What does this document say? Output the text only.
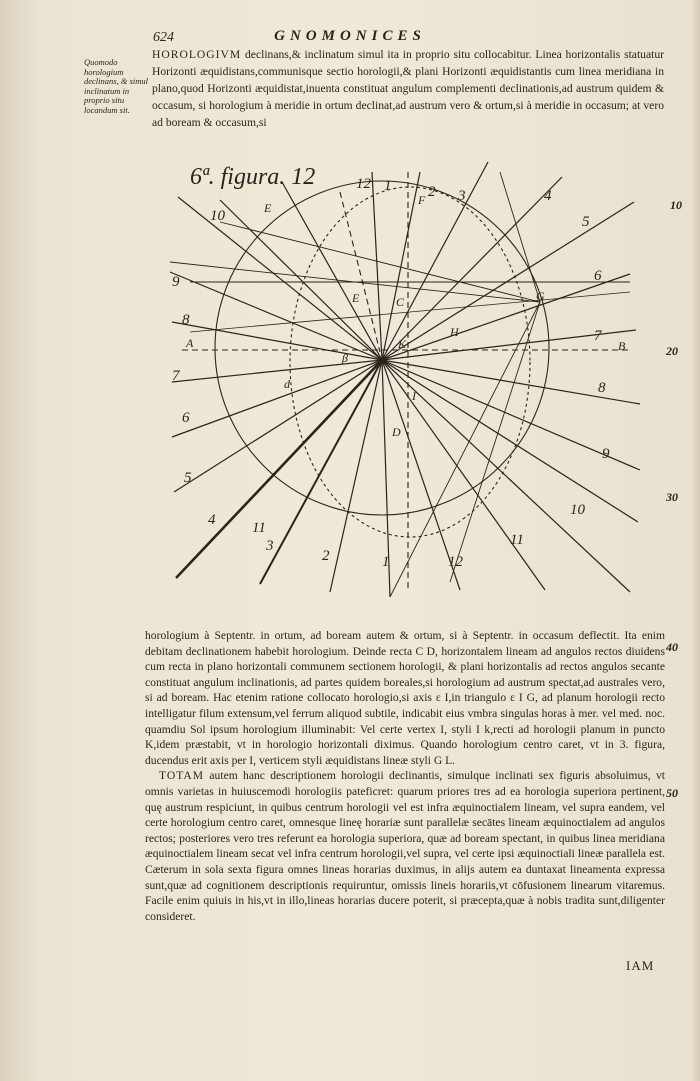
624	GNOMONICES
Quomodo horologium declinans, & simul inclinatum in proprio situ locandum sit.
HOROLOGIVM declinans,& inclinatum simul ita in proprio situ collocabitur. Linea horizontalis statuatur Horizonti æquidistans,communisque sectio horologii,& plani Horizonti æquidistantis cum linea meridiana in plano,quod Horizonti æquidistat,inuenta constituat angulum complementi declinationis,ad austrum quidem & occasum, si horologium à meridie in ortum declinat,ad austrum vero & ortum,si à meridie in occasum; at vero ad boream & occasum,si
10
20
30
40
50
6ª. figura. 12
A	B
C
D
E
F
G
H
I
K
β
d
E
1 2 3	4
5
6
7
8
9
10
11
12
1
2
3
4
5
6
7
8
9
10
11
12

horologium à Septentr. in ortum, ad boream autem & ortum, si à Septentr. in occasum deflectit. Ita enim debitam declinationem habebit horologium. Deinde recta C D, horizontalem lineam ad angulos rectos diuidens cum recta in plano horizontali communem sectionem horologii, & plani horizontalis ad rectos angulos secante constituat angulum inclinationis, ad partes quidem boreales,si horologium ad austrum spectat,ad australes vero, si ad boream. Hac etenim ratione collocato horologio,si axis ε I,in triangulo ε I G, ad planum horologii recto intelligatur filum extensum,vel ferrum aliquod subtile, indicabit eius vmbra singulas horas à mer. vel med. noc. quamdiu Sol ipsum horologium illuminabit: Vel certe vertex I, styli I k,recti ad horologii planum in puncto K,idem præstabit, vt in horologio horizontali diximus. Quando horologium centro caret, vt in 3. figura, ducendus erit axis per I, verticem styli æquidistans lineæ styli G L.

TOTAM autem hanc descriptionem horologii declinantis, simulque inclinati sex figuris absoluimus, vt omnis varietas in huiuscemodi horologiis pateficret: quarum priores tres ad ea horologia superiora pertinent, quę austrum respiciunt, in quibus centrum horologii vel est infra æquinoctialem lineam, vel supra eandem, vel certe horologium centro caret, omnesque lineę horariæ sunt parallelæ secātes lineam æquinoctialem ad angulos rectos; posteriores vero tres referunt ea horologia superiora, quæ ad boream spectant, in quibus linea meridiana æquinoctialem lineam secat vel infra centrum horologii,vel supra, vel certe ipsi æquinoctiali lineæ parallela est. Cæterum in sola sexta figura omnes lineas horarias duximus, in alijs autem ea duntaxat lineamenta expressa sunt,quæ ad cognitionem descriptionis requiruntur, omissis lineis horariis,vt cōfusionem linearum vitaremus. Facile enim quiuis in his,vt in illo,lineas horarias ducere poterit, si præcepta,quæ à nobis tradita sunt,diligenter consideret.

IAM
